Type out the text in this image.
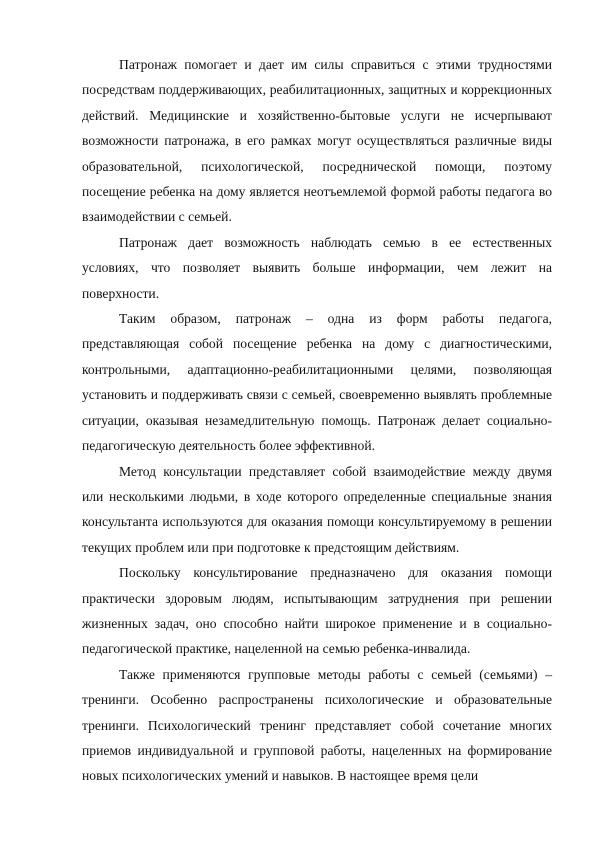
Патронаж помогает и дает им силы справиться с этими трудностями посредствам поддерживающих, реабилитационных, защитных и коррекционных действий. Медицинские и хозяйственно-бытовые услуги не исчерпывают возможности патронажа, в его рамках могут осуществляться различные виды образовательной, психологической, посреднической помощи, поэтому посещение ребенка на дому является неотъемлемой формой работы педагога во взаимодействии с семьей.

Патронаж дает возможность наблюдать семью в ее естественных условиях, что позволяет выявить больше информации, чем лежит на поверхности.

Таким образом, патронаж – одна из форм работы педагога, представляющая собой посещение ребенка на дому с диагностическими, контрольными, адаптационно-реабилитационными целями, позволяющая установить и поддерживать связи с семьей, своевременно выявлять проблемные ситуации, оказывая незамедлительную помощь. Патронаж делает социально-педагогическую деятельность более эффективной.

Метод консультации представляет собой взаимодействие между двумя или несколькими людьми, в ходе которого определенные специальные знания консультанта используются для оказания помощи консультируемому в решении текущих проблем или при подготовке к предстоящим действиям.

Поскольку консультирование предназначено для оказания помощи практически здоровым людям, испытывающим затруднения при решении жизненных задач, оно способно найти широкое применение и в социально-педагогической практике, нацеленной на семью ребенка-инвалида.

Также применяются групповые методы работы с семьей (семьями) – тренинги. Особенно распространены психологические и образовательные тренинги. Психологический тренинг представляет собой сочетание многих приемов индивидуальной и групповой работы, нацеленных на формирование новых психологических умений и навыков. В настоящее время цели
